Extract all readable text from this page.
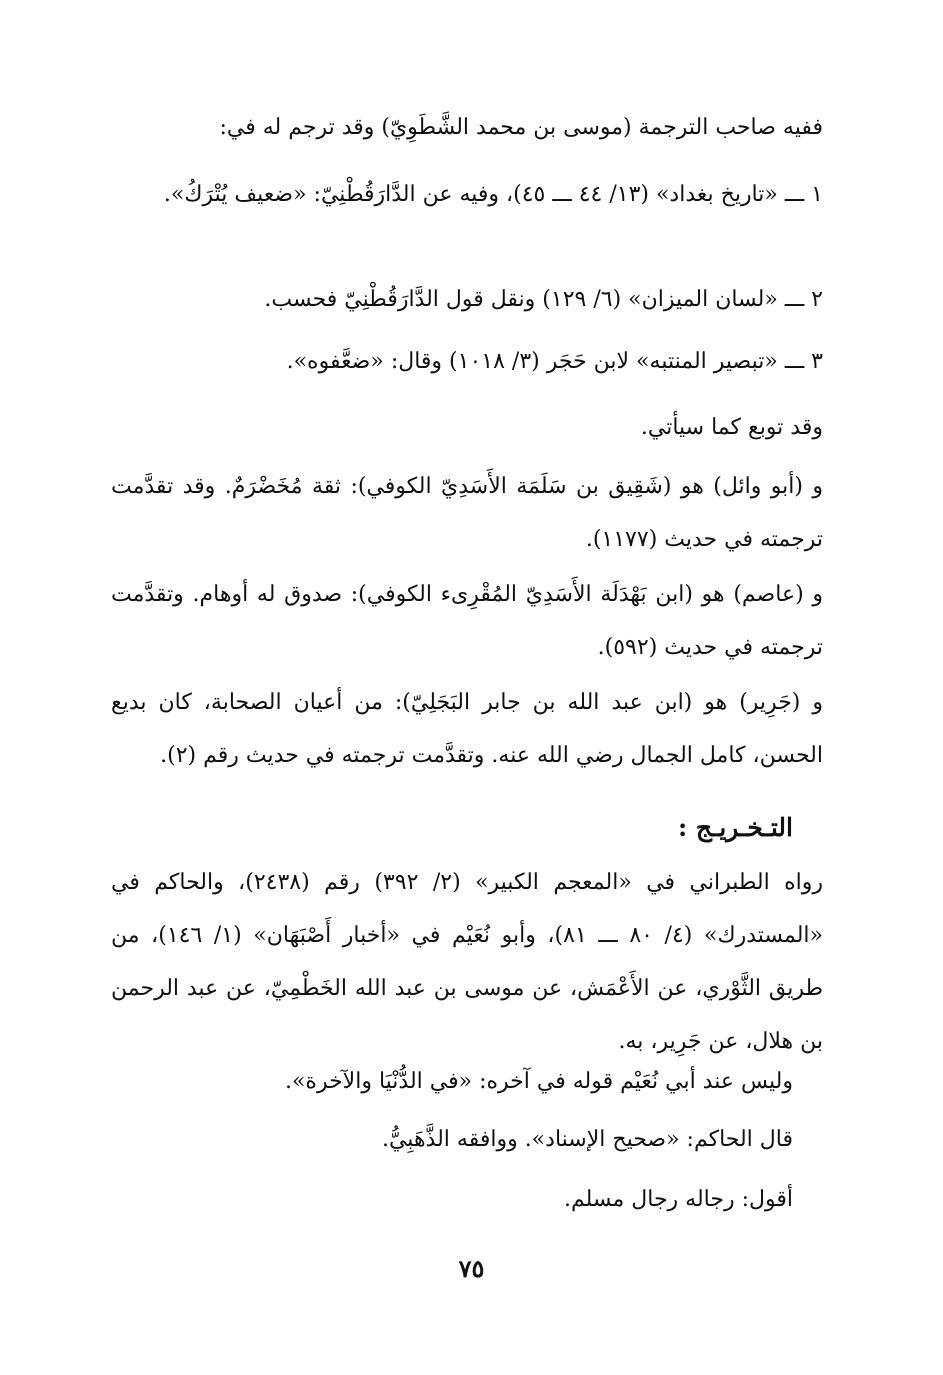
ففيه صاحب الترجمة (موسى بن محمد الشَّطَوِيّ) وقد ترجم له في:
١ ـــ «تاريخ بغداد» (١٣/ ٤٤ ـــ ٤٥)، وفيه عن الدَّارَقُطْنِيّ: «ضعيف يُتْرَكُ».
٢ ـــ «لسان الميزان» (٦/ ١٢٩) ونقل قول الدَّارَقُطْنِيّ فحسب.
٣ ـــ «تبصير المنتبه» لابن حَجَر (٣/ ١٠١٨) وقال: «ضعَّفوه».
وقد توبع كما سيأتي.
و (أبو وائل) هو (شَقِيق بن سَلَمَة الأَسَدِيّ الكوفي): ثقة مُخَضْرَمٌ. وقد تقدَّمت ترجمته في حديث (١١٧٧).
و (عاصم) هو (ابن بَهْدَلَة الأَسَدِيّ المُقْرِىء الكوفي): صدوق له أوهام. وتقدَّمت ترجمته في حديث (٥٩٢).
و (جَرِير) هو (ابن عبد الله بن جابر البَجَلِيّ): من أعيان الصحابة، كان بديع الحسن، كامل الجمال رضي الله عنه. وتقدَّمت ترجمته في حديث رقم (٢).
التـخـريـج :
رواه الطبراني في «المعجم الكبير» (٢/ ٣٩٢) رقم (٢٤٣٨)، والحاكم في «المستدرك» (٤/ ٨٠ ـــ ٨١)، وأبو نُعَيْم في «أخبار أَصْبَهَان» (١/ ١٤٦)، من طريق الثَّوْري، عن الأَعْمَش، عن موسى بن عبد الله الخَطْمِيّ، عن عبد الرحمن بن هلال، عن جَرِير، به.
وليس عند أبي نُعَيْم قوله في آخره: «في الدُّنْيَا والآخرة».
قال الحاكم: «صحيح الإسناد». ووافقه الذَّهَبِيُّ.
أقول: رجاله رجال مسلم.
٧٥
